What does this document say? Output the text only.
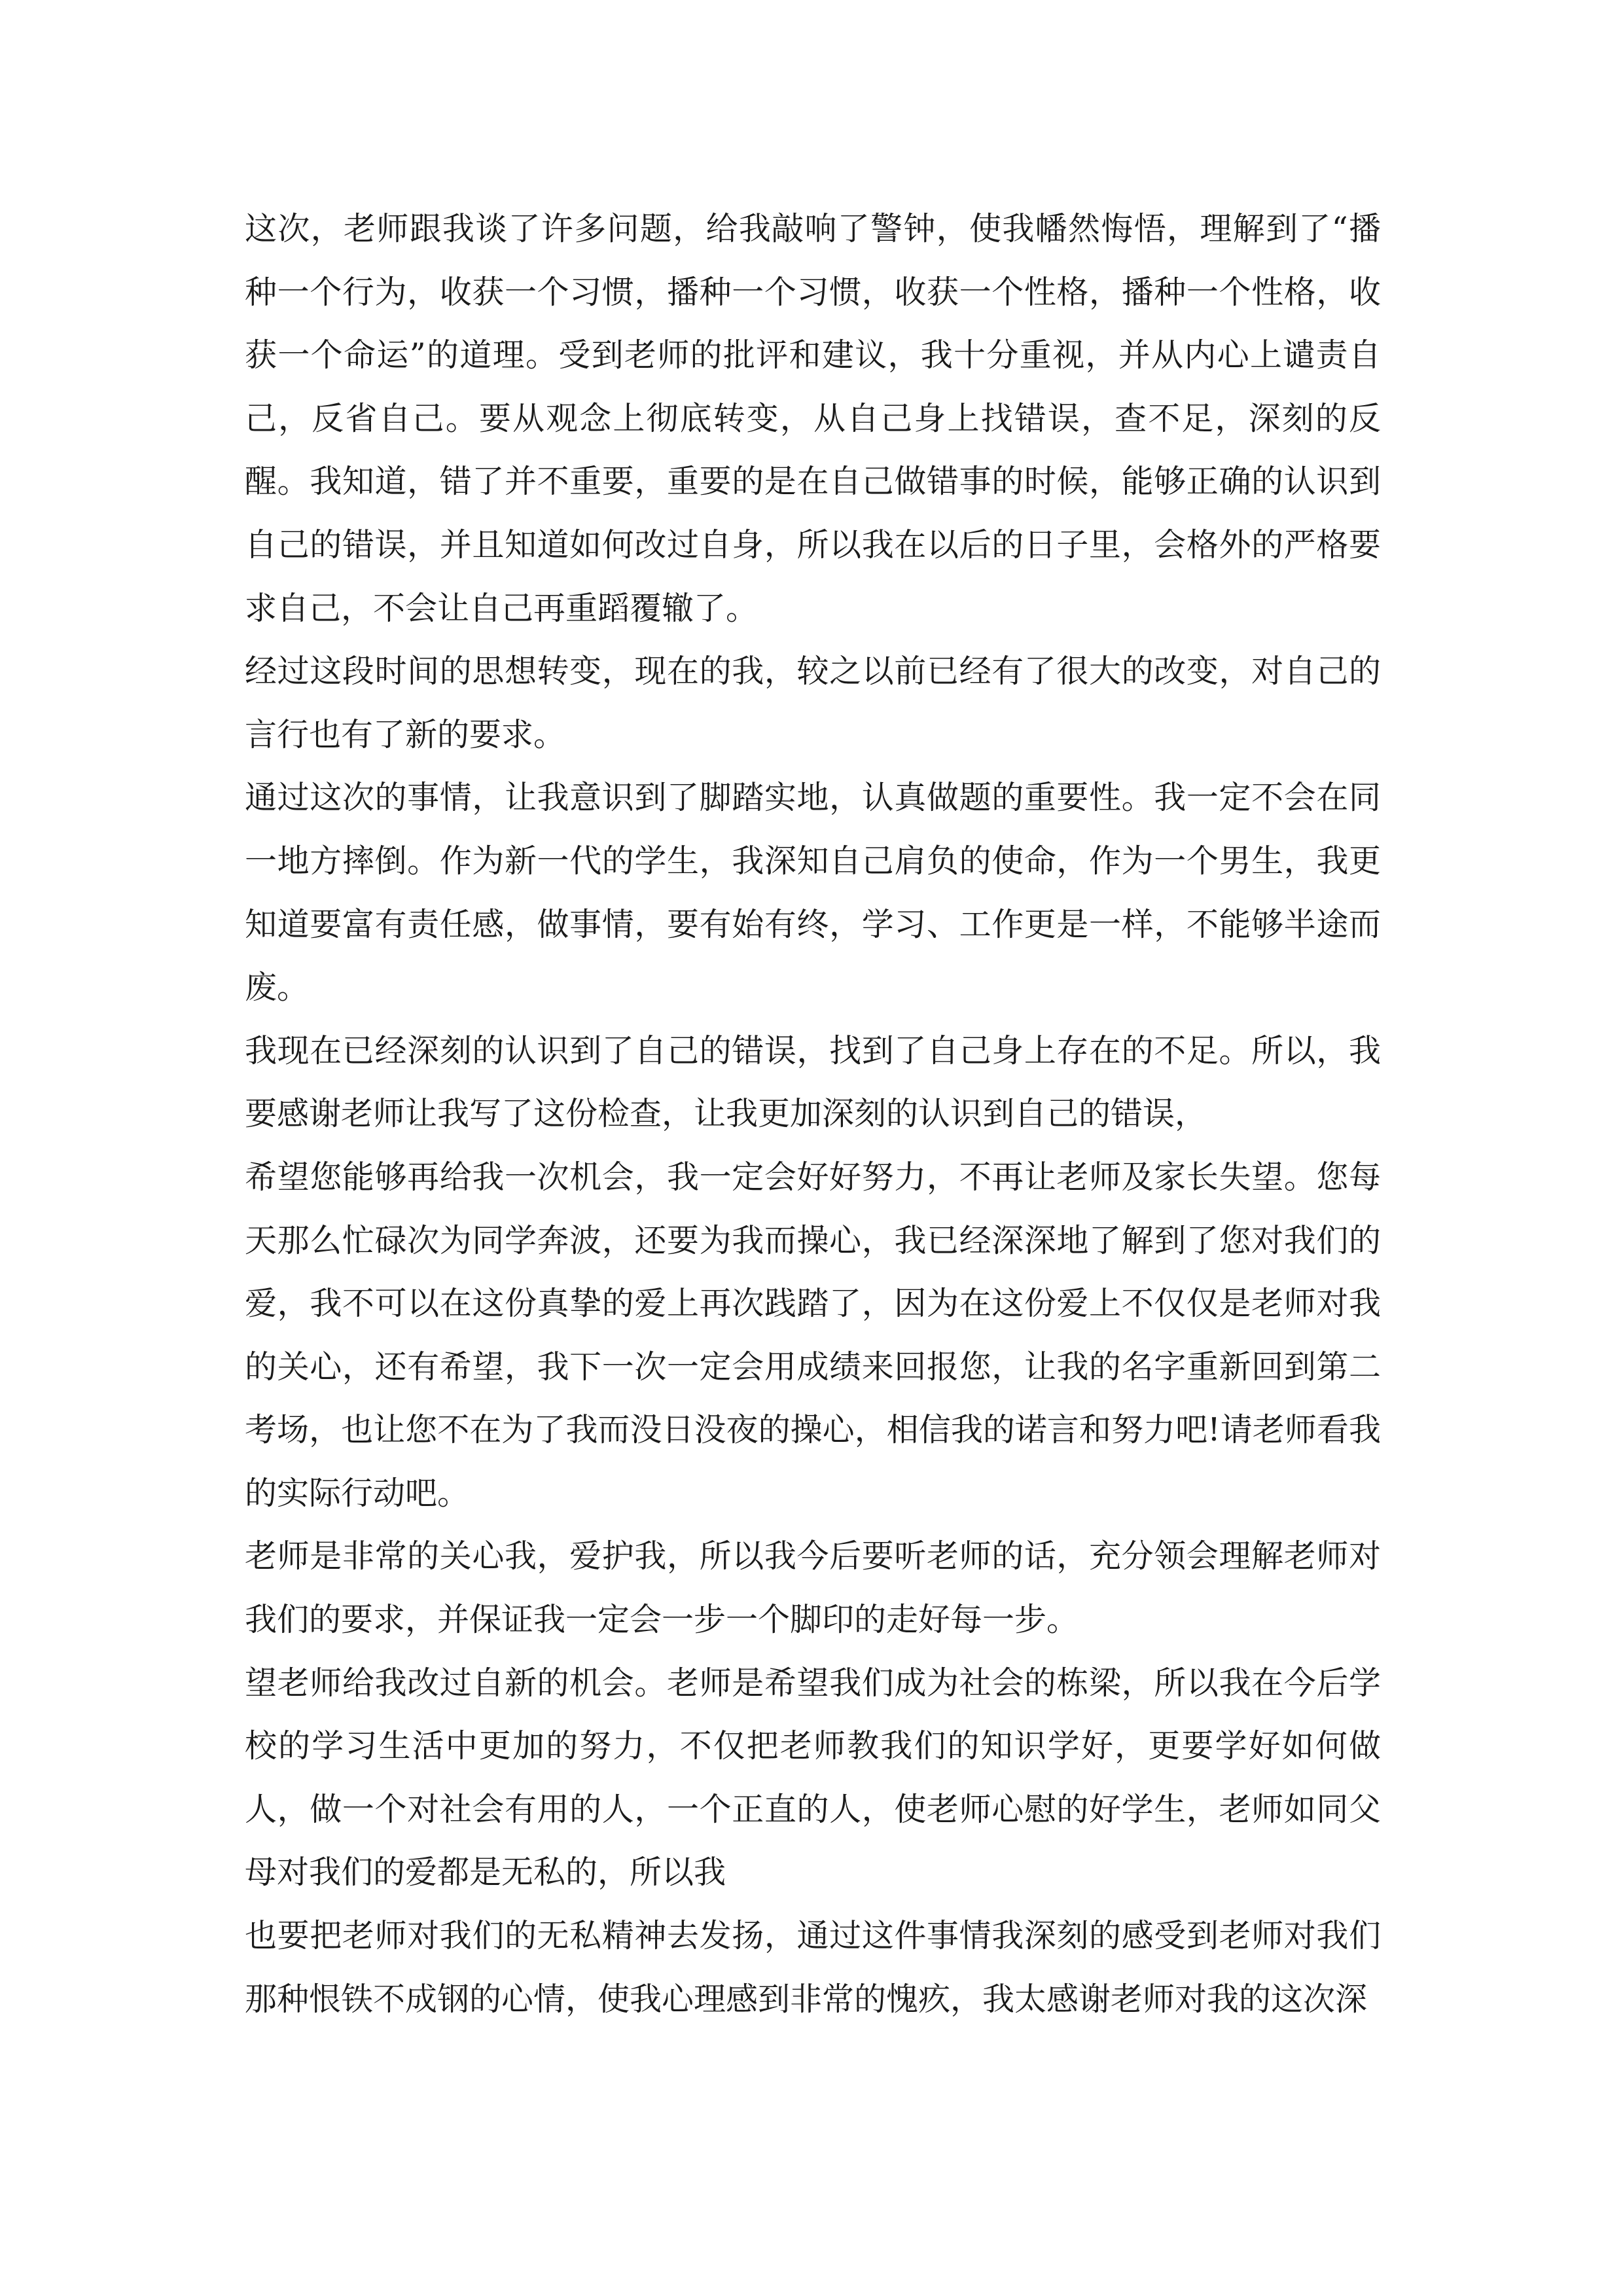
这次，老师跟我谈了许多问题，给我敲响了警钟，使我幡然悔悟，理解到了“播种一个行为，收获一个习惯，播种一个习惯，收获一个性格，播种一个性格，收获一个命运”的道理。受到老师的批评和建议，我十分重视，并从内心上谴责自己，反省自己。要从观念上彻底转变，从自己身上找错误，查不足，深刻的反醒。我知道，错了并不重要，重要的是在自己做错事的时候，能够正确的认识到自己的错误，并且知道如何改过自身，所以我在以后的日子里，会格外的严格要求自己，不会让自己再重蹈覆辙了。

经过这段时间的思想转变，现在的我，较之以前已经有了很大的改变，对自己的言行也有了新的要求。

通过这次的事情，让我意识到了脚踏实地，认真做题的重要性。我一定不会在同一地方摔倒。作为新一代的学生，我深知自己肩负的使命，作为一个男生，我更知道要富有责任感，做事情，要有始有终，学习、工作更是一样，不能够半途而废。

我现在已经深刻的认识到了自己的错误，找到了自己身上存在的不足。所以，我要感谢老师让我写了这份检查，让我更加深刻的认识到自己的错误，

希望您能够再给我一次机会，我一定会好好努力，不再让老师及家长失望。您每天那么忙碌次为同学奔波，还要为我而操心，我已经深深地了解到了您对我们的爱，我不可以在这份真挚的爱上再次践踏了，因为在这份爱上不仅仅是老师对我的关心，还有希望，我下一次一定会用成绩来回报您，让我的名字重新回到第二考场，也让您不在为了我而没日没夜的操心，相信我的诺言和努力吧!请老师看我的实际行动吧。

老师是非常的关心我，爱护我，所以我今后要听老师的话，充分领会理解老师对我们的要求，并保证我一定会一步一个脚印的走好每一步。

望老师给我改过自新的机会。老师是希望我们成为社会的栋梁，所以我在今后学校的学习生活中更加的努力，不仅把老师教我们的知识学好，更要学好如何做人，做一个对社会有用的人，一个正直的人，使老师心慰的好学生，老师如同父母对我们的爱都是无私的，所以我

也要把老师对我们的无私精神去发扬，通过这件事情我深刻的感受到老师对我们那种恨铁不成钢的心情，使我心理感到非常的愧疚，我太感谢老师对我的这次深
